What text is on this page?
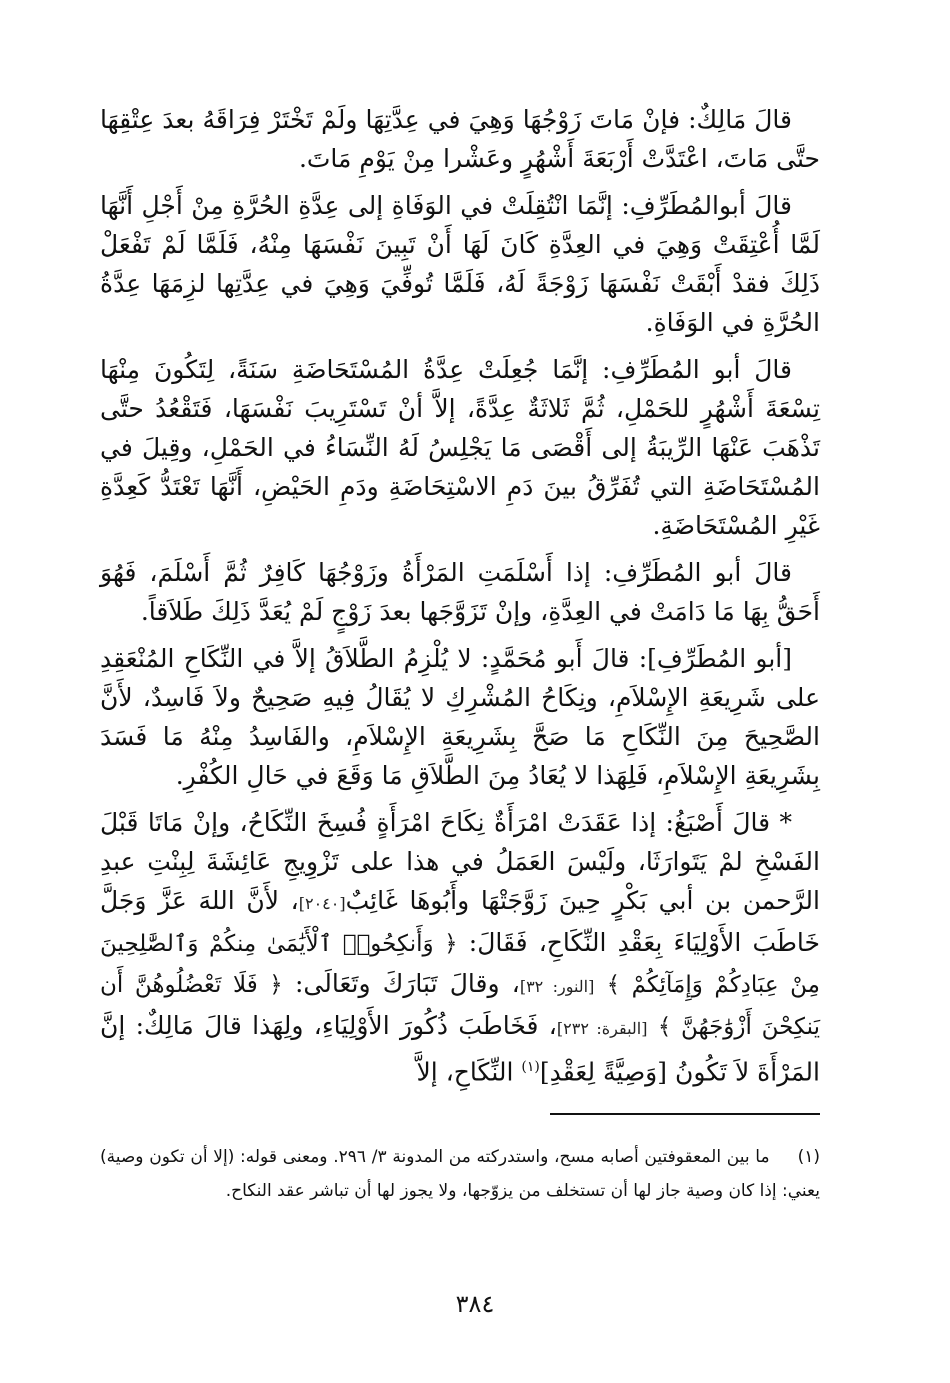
قالَ مَالِكٌ: فإنْ مَاتَ زَوْجُهَا وَهِيَ في عِدَّتِهَا ولَمْ تَخْتَرْ فِرَاقَهُ بعدَ عِتْقِهَا حتَّى مَاتَ، اعْتَدَّتْ أَرْبَعَةَ أَشْهُرٍ وعَشْرا مِنْ يَوْمِ مَاتَ.

قالَ أبوالمُطَرِّفِ: إنَّمَا انْتُقِلَتْ في الوَفَاةِ إلى عِدَّةِ الحُرَّةِ مِنْ أَجْلِ أَنَّهَا لَمَّا أُعْتِقَتْ وَهِيَ في العِدَّةِ كَانَ لَهَا أَنْ تَبِينَ نَفْسَهَا مِنْهُ، فَلَمَّا لَمْ تَفْعَلْ ذَلِكَ فقدْ أَبْقَتْ نَفْسَهَا زَوْجَةً لَهُ، فَلَمَّا تُوفِّيَ وَهِيَ في عِدَّتِها لزِمَهَا عِدَّةُ الحُرَّةِ في الوَفَاةِ.

قالَ أبو المُطَرِّفِ: إنَّمَا جُعِلَتْ عِدَّةُ المُسْتَحَاضَةِ سَنَةً، لِتَكُونَ مِنْهَا تِسْعَةَ أَشْهُرٍ للحَمْلِ، ثُمَّ ثَلاثَةٌ عِدَّةً، إلاَّ أنْ تَسْتَرِيبَ نَفْسَهَا، فَتَقْعُدُ حتَّى تَذْهَبَ عَنْهَا الرِّيبَةُ إلى أَقْصَى مَا يَجْلِسُ لَهُ النِّسَاءُ في الحَمْلِ، وقِيلَ في المُسْتَحَاضَةِ التي تُفَرِّقُ بينَ دَمِ الاسْتِحَاضَةِ ودَمِ الحَيْضِ، أَنَّهَا تَعْتَدُّ كَعِدَّةِ غَيْرِ المُسْتَحَاضَةِ.

قالَ أبو المُطَرِّفِ: إذا أَسْلَمَتِ المَرْأَةُ وزَوْجُهَا كَافِرٌ ثُمَّ أَسْلَمَ، فَهُوَ أَحَقُّ بِهَا مَا دَامَتْ في العِدَّةِ، وإنْ تَزَوَّجَها بعدَ زَوْجٍ لَمْ يُعَدَّ ذَلِكَ طَلاَقاً.

[أبو المُطَرِّفِ]: قالَ أَبو مُحَمَّدٍ: لا يُلْزِمُ الطَّلاَقُ إلاَّ في النِّكَاحِ المُنْعَقِدِ على شَرِيعَةِ الإِسْلاَمِ، ونِكَاحُ المُشْرِكِ لا يُقَالُ فِيهِ صَحِيحٌ ولاَ فَاسِدٌ، لأَنَّ الصَّحِيحَ مِنَ النِّكَاحِ مَا صَحَّ بِشَرِيعَةِ الإِسْلاَمِ، والفَاسِدُ مِنْهُ مَا فَسَدَ بِشَرِيعَةِ الإِسْلاَمِ، فَلِهَذا لا يُعَادُ مِنَ الطَّلاَقِ مَا وَقَعَ في حَالِ الكُفْرِ.

* قالَ أَصْبَغُ: إذا عَقَدَتْ امْرَأَةٌ نِكَاحَ امْرَأَةٍ فُسِخَ النِّكَاحُ، وإنْ مَاتَا قَبْلَ الفَسْخِ لمْ يَتَوارَثَا، ولَيْسَ العَمَلُ في هذا على تَزْوِيجِ عَائِشَةَ لِبِنْتِ عبدِ الرَّحمن بن أبي بَكْرٍ حِينَ زَوَّجَتْهَا وأَبُوهَا غَائِبٌ[٢٠٤٠]، لأَنَّ اللهَ عَزَّ وَجَلَّ خَاطَبَ الأَوْلِيَاءَ بِعَقْدِ النِّكَاحِ، فَقَالَ: ﴿ وَأَنكِحُوا۟ ٱلْأَيَٰمَىٰ مِنكُمْ وَٱلصَّٰلِحِينَ مِنْ عِبَادِكُمْ وَإِمَآئِكُمْ ﴾ [النور: ٣٢]، وقالَ تَبَارَكَ وتَعَالَى: ﴿ فَلَا تَعْضُلُوهُنَّ أَن يَنكِحْنَ أَزْوَٰجَهُنَّ ﴾ [البقرة: ٢٣٢]، فَخَاطَبَ ذُكُورَ الأَوْلِيَاءِ، ولِهَذا قالَ مَالِكٌ: إنَّ المَرْأَةَ لاَ تَكُونُ [وَصِيَّةً لِعَقْدِ]$^{(١)}$ النِّكَاحِ، إلاَّ

(١)ما بين المعقوفتين أصابه مسح، واستدركته من المدونة ٣/ ٢٩٦. ومعنى قوله: (إلا أن تكون وصية) يعني: إذا كان وصية جاز لها أن تستخلف من يزوّجها، ولا يجوز لها أن تباشر عقد النكاح.
٣٨٤
